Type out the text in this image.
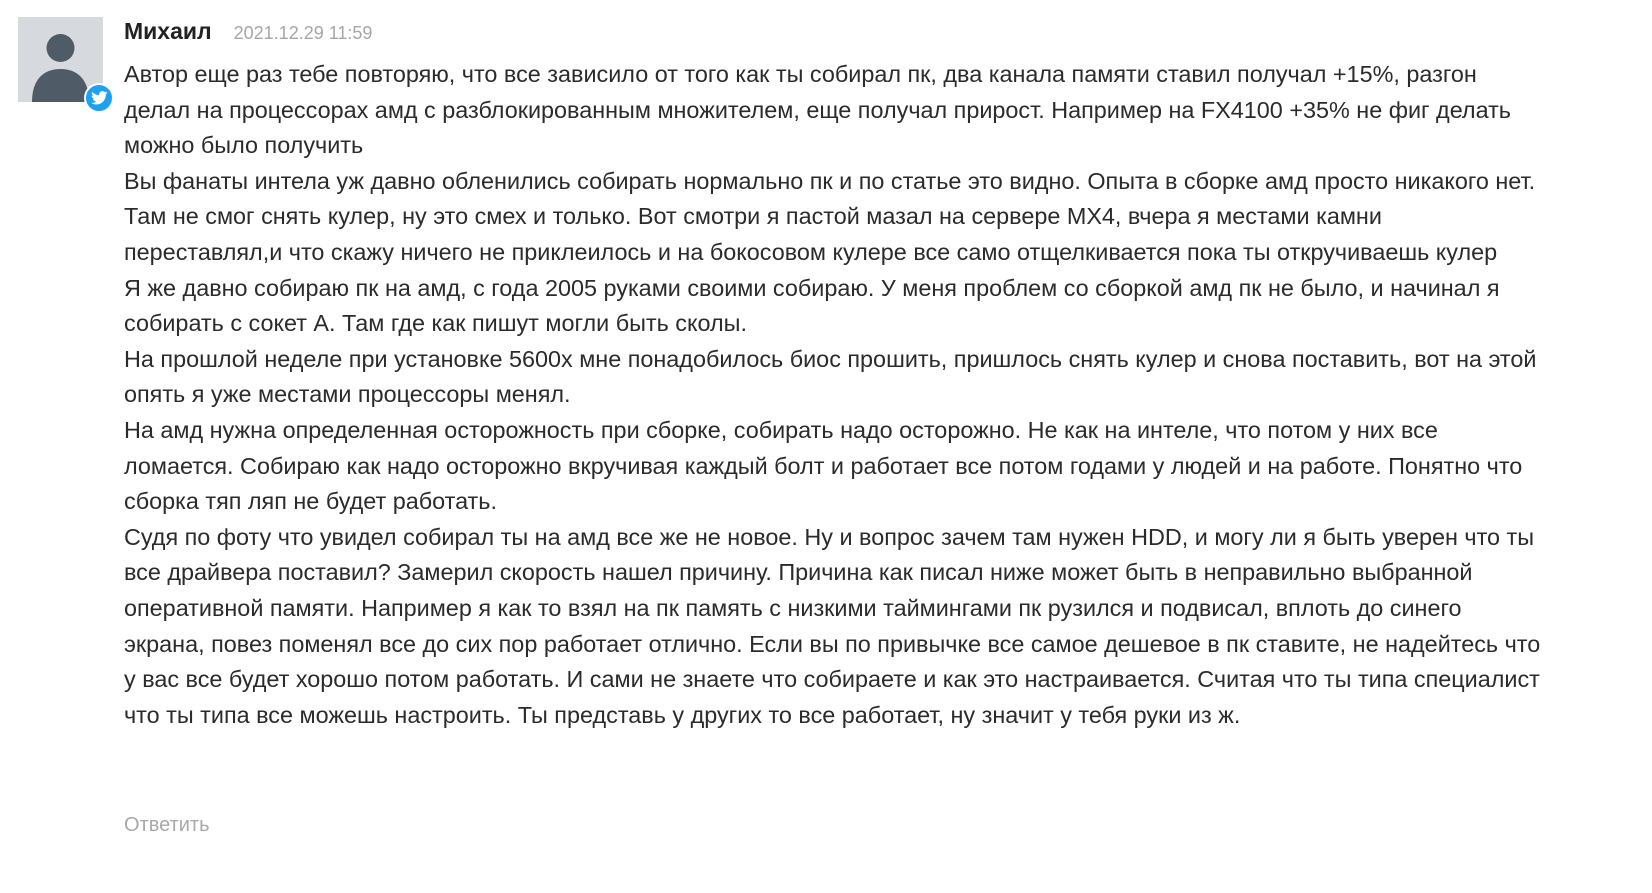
Михаил 2021.12.29 11:59

Автор еще раз тебе повторяю, что все зависило от того как ты собирал пк, два канала памяти ставил получал +15%, разгон делал на процессорах амд с разблокированным множителем, еще получал прирост. Например на FX4100 +35% не фиг делать можно было получить

Вы фанаты интела уж давно обленились собирать нормально пк и по статье это видно. Опыта в сборке амд просто никакого нет. Там не смог снять кулер, ну это смех и только. Вот смотри я пастой мазал на сервере MX4, вчера я местами камни переставлял,и что скажу ничего не приклеилось и на бокосовом кулере все само отщелкивается пока ты откручиваешь кулер

Я же давно собираю пк на амд, с года 2005 руками своими собираю. У меня проблем со сборкой амд пк не было, и начинал я собирать с сокет А. Там где как пишут могли быть сколы.

На прошлой неделе при установке 5600х мне понадобилось биос прошить, пришлось снять кулер и снова поставить, вот на этой опять я уже местами процессоры менял.

На амд нужна определенная осторожность при сборке, собирать надо осторожно. Не как на интеле, что потом у них все ломается. Собираю как надо осторожно вкручивая каждый болт и работает все потом годами у людей и на работе. Понятно что сборка тяп ляп не будет работать.

Судя по фоту что увидел собирал ты на амд все же не новое. Ну и вопрос зачем там нужен HDD, и могу ли я быть уверен что ты все драйвера поставил? Замерил скорость нашел причину. Причина как писал ниже может быть в неправильно выбранной оперативной памяти. Например я как то взял на пк память с низкими таймингами пк рузился и подвисал, вплоть до синего экрана, повез поменял все до сих пор работает отлично. Если вы по привычке все самое дешевое в пк ставите, не надейтесь что у вас все будет хорошо потом работать. И сами не знаете что собираете и как это настраивается. Считая что ты типа специалист что ты типа все можешь настроить. Ты представь у других то все работает, ну значит у тебя руки из ж.

Ответить
